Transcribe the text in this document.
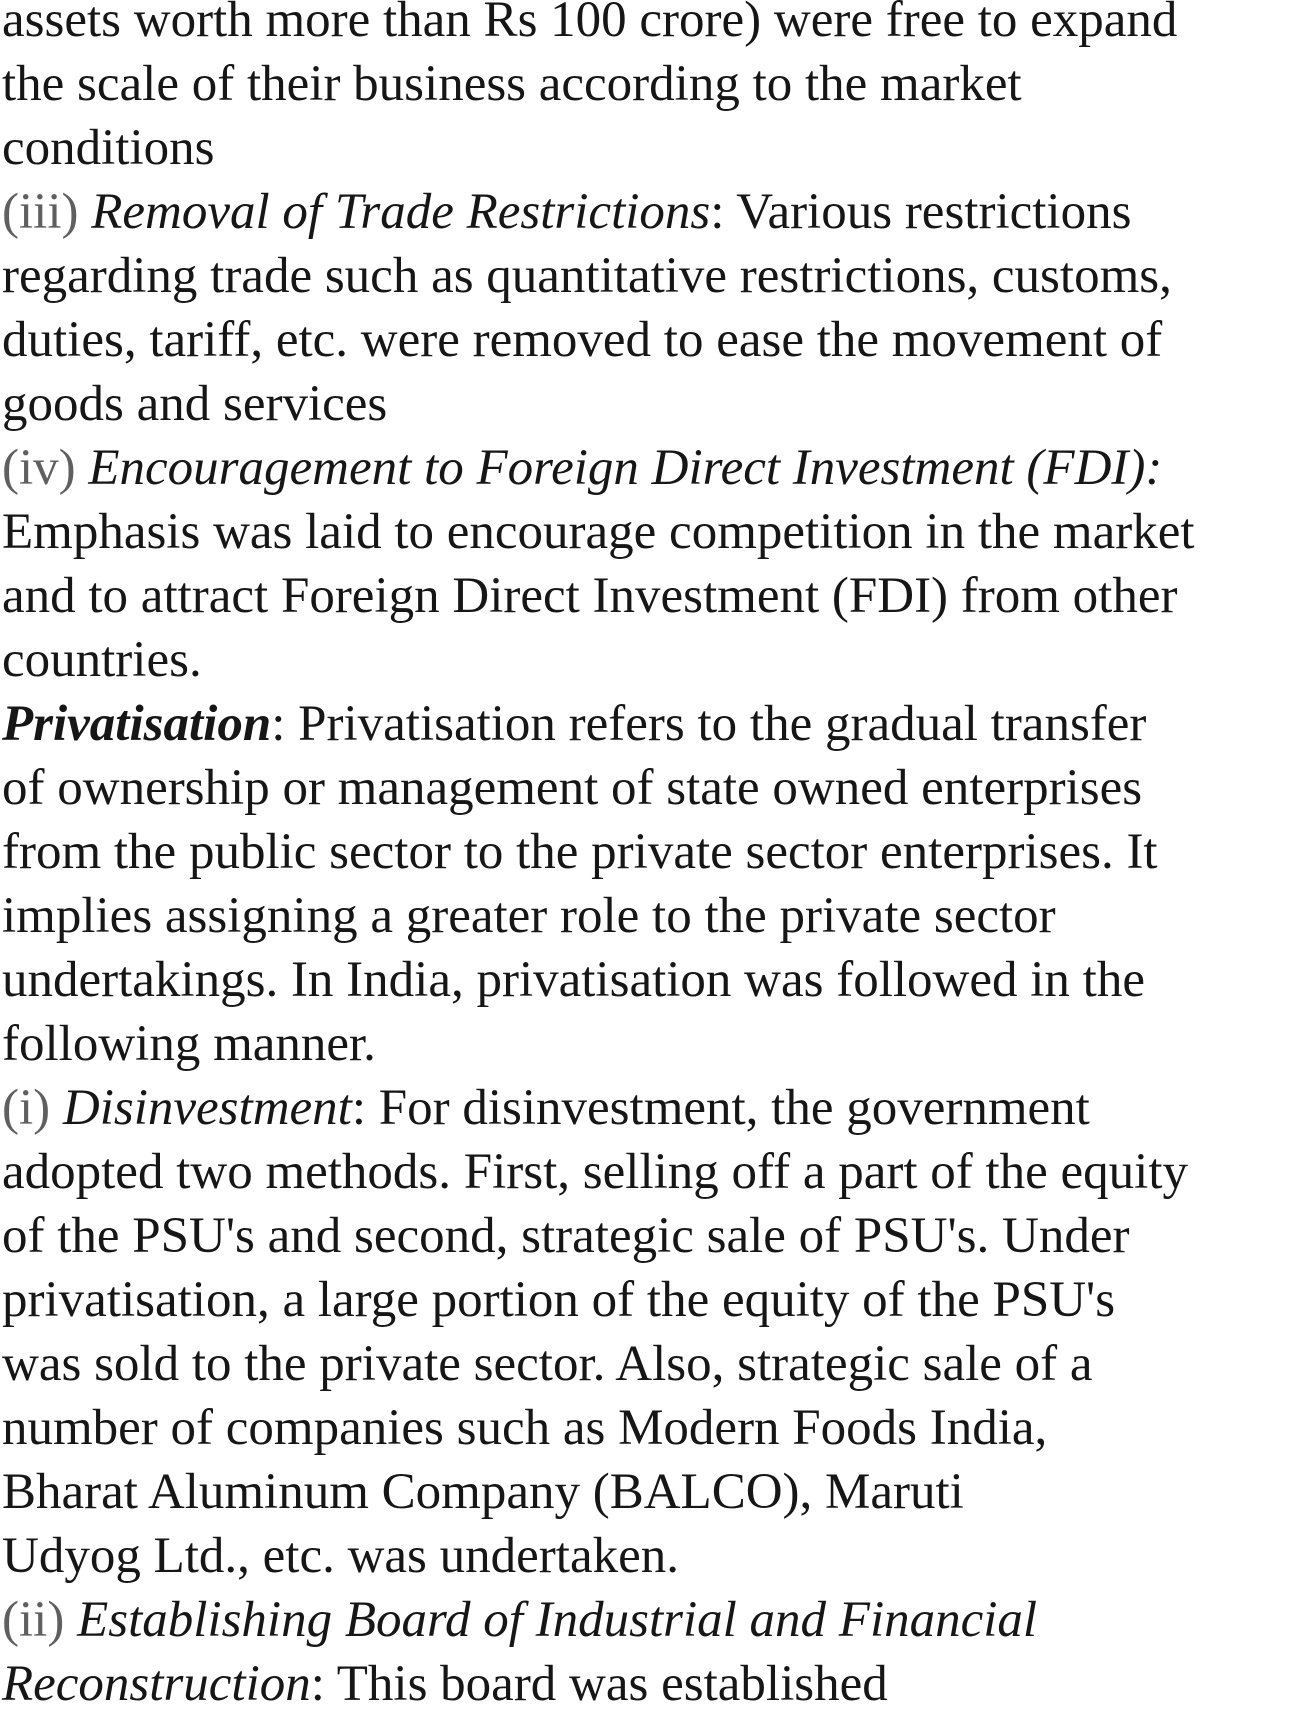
assets worth more than Rs 100 crore) were free to expand
the scale of their business according to the market
conditions
(iii) Removal of Trade Restrictions: Various restrictions
regarding trade such as quantitative restrictions, customs,
duties, tariff, etc. were removed to ease the movement of
goods and services
(iv) Encouragement to Foreign Direct Investment (FDI):
Emphasis was laid to encourage competition in the market
and to attract Foreign Direct Investment (FDI) from other
countries.
Privatisation: Privatisation refers to the gradual transfer
of ownership or management of state owned enterprises
from the public sector to the private sector enterprises. It
implies assigning a greater role to the private sector
undertakings. In India, privatisation was followed in the
following manner.
(i) Disinvestment: For disinvestment, the government
adopted two methods. First, selling off a part of the equity
of the PSU's and second, strategic sale of PSU's. Under
privatisation, a large portion of the equity of the PSU's
was sold to the private sector. Also, strategic sale of a
number of companies such as Modern Foods India,
Bharat Aluminum Company (BALCO), Maruti
Udyog Ltd., etc. was undertaken.
(ii) Establishing Board of Industrial and Financial
Reconstruction: This board was established
